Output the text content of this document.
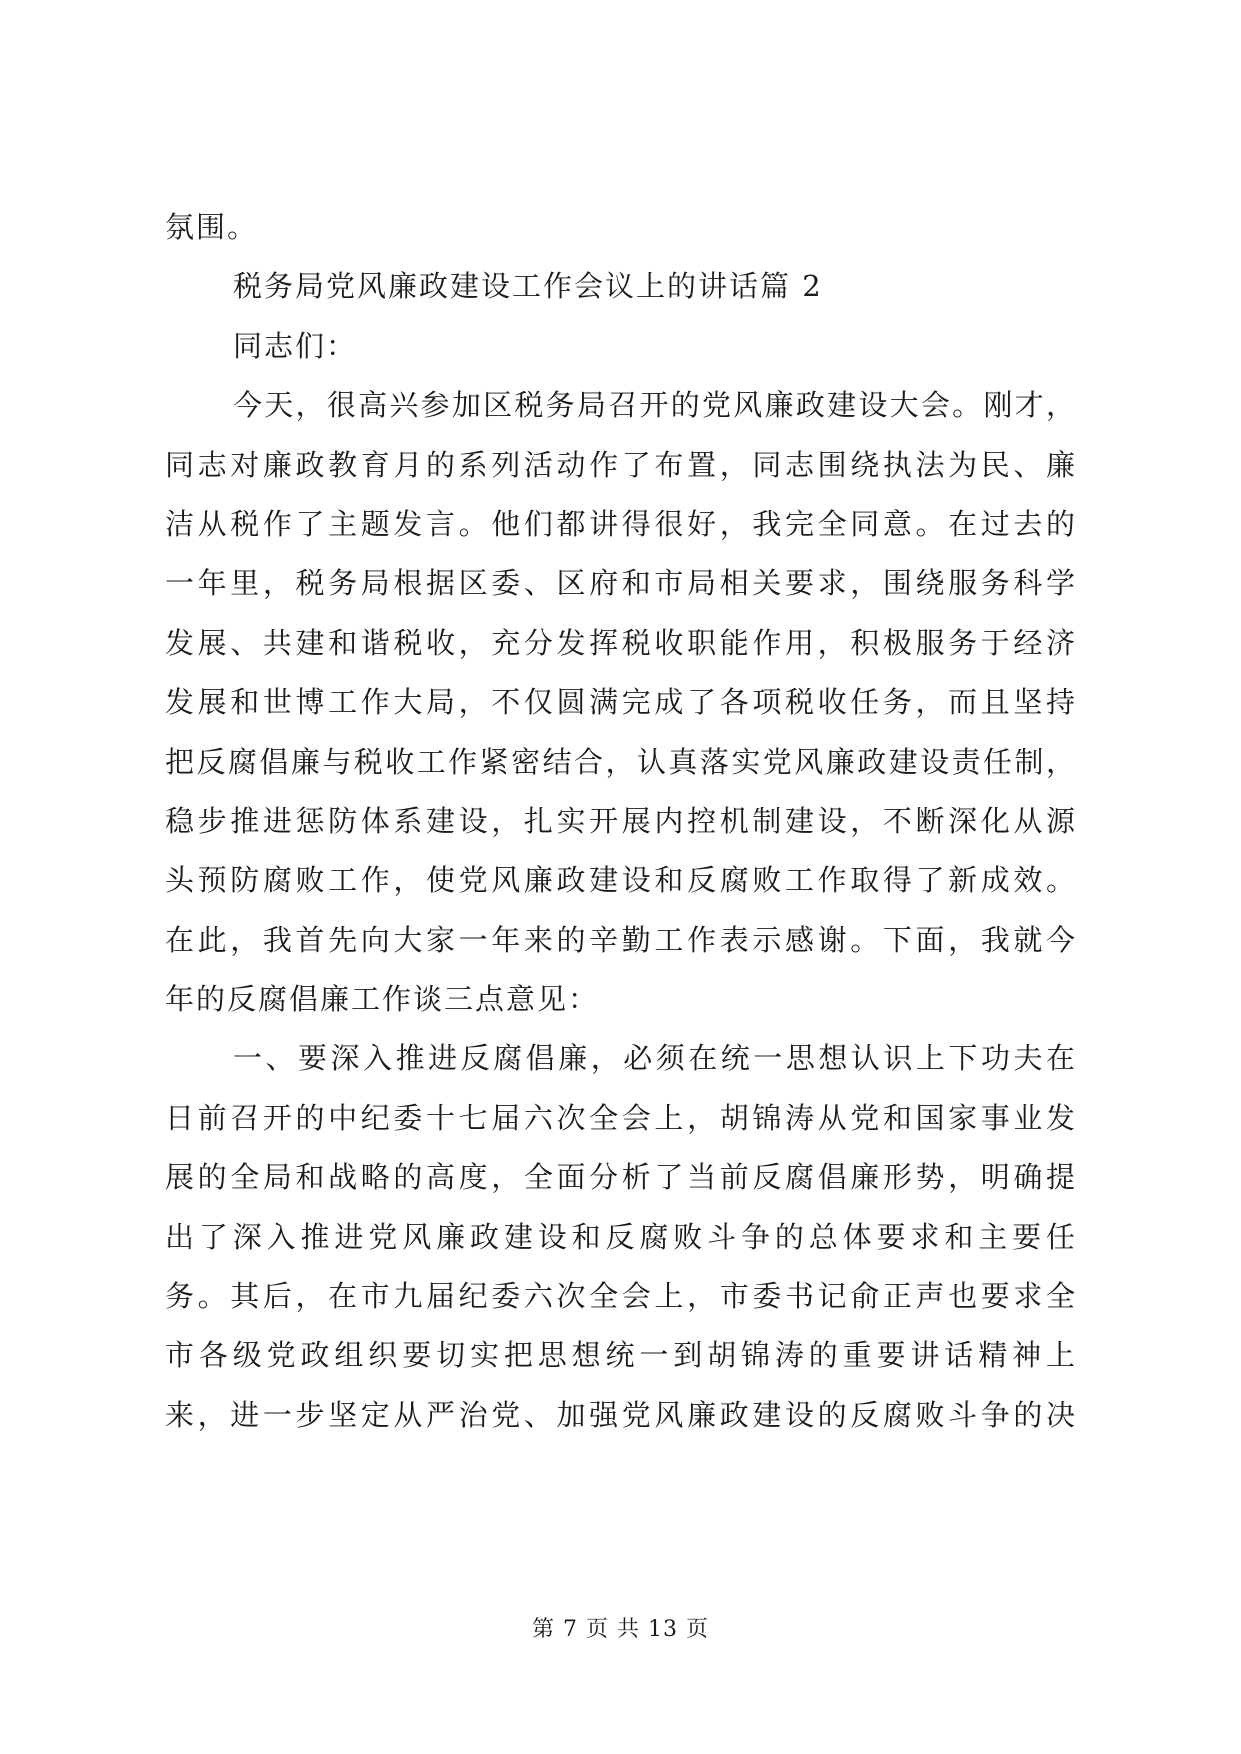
氛围。
税务局党风廉政建设工作会议上的讲话篇 2
同志们：
今天，很高兴参加区税务局召开的党风廉政建设大会。刚才，
同志对廉政教育月的系列活动作了布置，同志围绕执法为民、廉
洁从税作了主题发言。他们都讲得很好，我完全同意。在过去的
一年里，税务局根据区委、区府和市局相关要求，围绕服务科学
发展、共建和谐税收，充分发挥税收职能作用，积极服务于经济
发展和世博工作大局，不仅圆满完成了各项税收任务，而且坚持
把反腐倡廉与税收工作紧密结合，认真落实党风廉政建设责任制，
稳步推进惩防体系建设，扎实开展内控机制建设，不断深化从源
头预防腐败工作，使党风廉政建设和反腐败工作取得了新成效。
在此，我首先向大家一年来的辛勤工作表示感谢。下面，我就今
年的反腐倡廉工作谈三点意见：
一、要深入推进反腐倡廉，必须在统一思想认识上下功夫在
日前召开的中纪委十七届六次全会上，胡锦涛从党和国家事业发
展的全局和战略的高度，全面分析了当前反腐倡廉形势，明确提
出了深入推进党风廉政建设和反腐败斗争的总体要求和主要任
务。其后，在市九届纪委六次全会上，市委书记俞正声也要求全
市各级党政组织要切实把思想统一到胡锦涛的重要讲话精神上
来，进一步坚定从严治党、加强党风廉政建设的反腐败斗争的决
第 7 页 共 13 页
